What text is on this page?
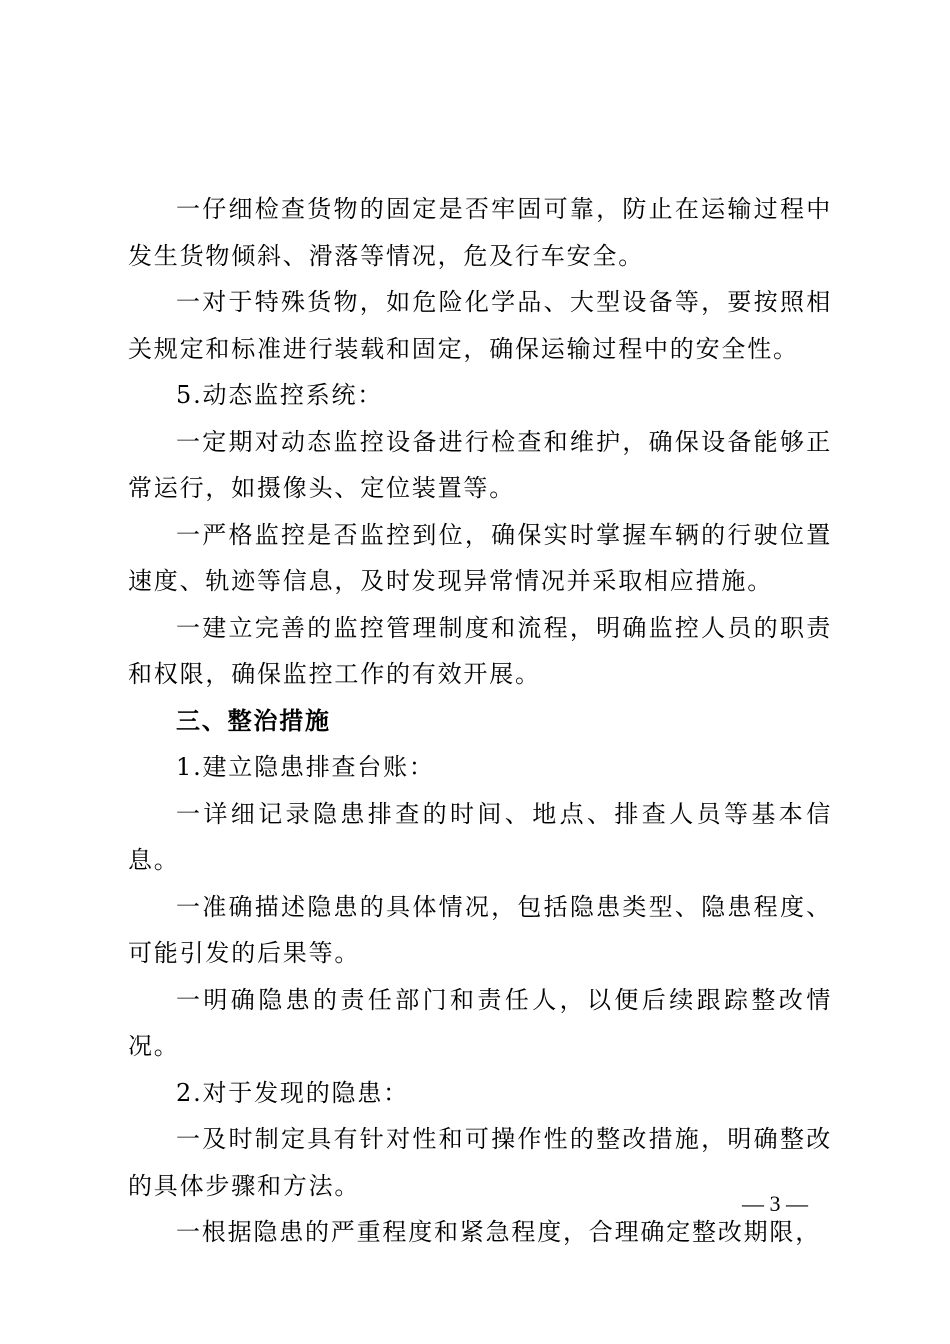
一仔细检查货物的固定是否牢固可靠，防止在运输过程中发生货物倾斜、滑落等情况，危及行车安全。

一对于特殊货物，如危险化学品、大型设备等，要按照相关规定和标准进行装载和固定，确保运输过程中的安全性。

5.动态监控系统：

一定期对动态监控设备进行检查和维护，确保设备能够正常运行，如摄像头、定位装置等。

一严格监控是否监控到位，确保实时掌握车辆的行驶位置速度、轨迹等信息，及时发现异常情况并采取相应措施。

一建立完善的监控管理制度和流程，明确监控人员的职责和权限，确保监控工作的有效开展。

三、整治措施

1.建立隐患排查台账：

一详细记录隐患排查的时间、地点、排查人员等基本信息。

一准确描述隐患的具体情况，包括隐患类型、隐患程度、可能引发的后果等。

一明确隐患的责任部门和责任人，以便后续跟踪整改情况。

2.对于发现的隐患：

一及时制定具有针对性和可操作性的整改措施，明确整改的具体步骤和方法。

一根据隐患的严重程度和紧急程度，合理确定整改期限，

— 3 —
